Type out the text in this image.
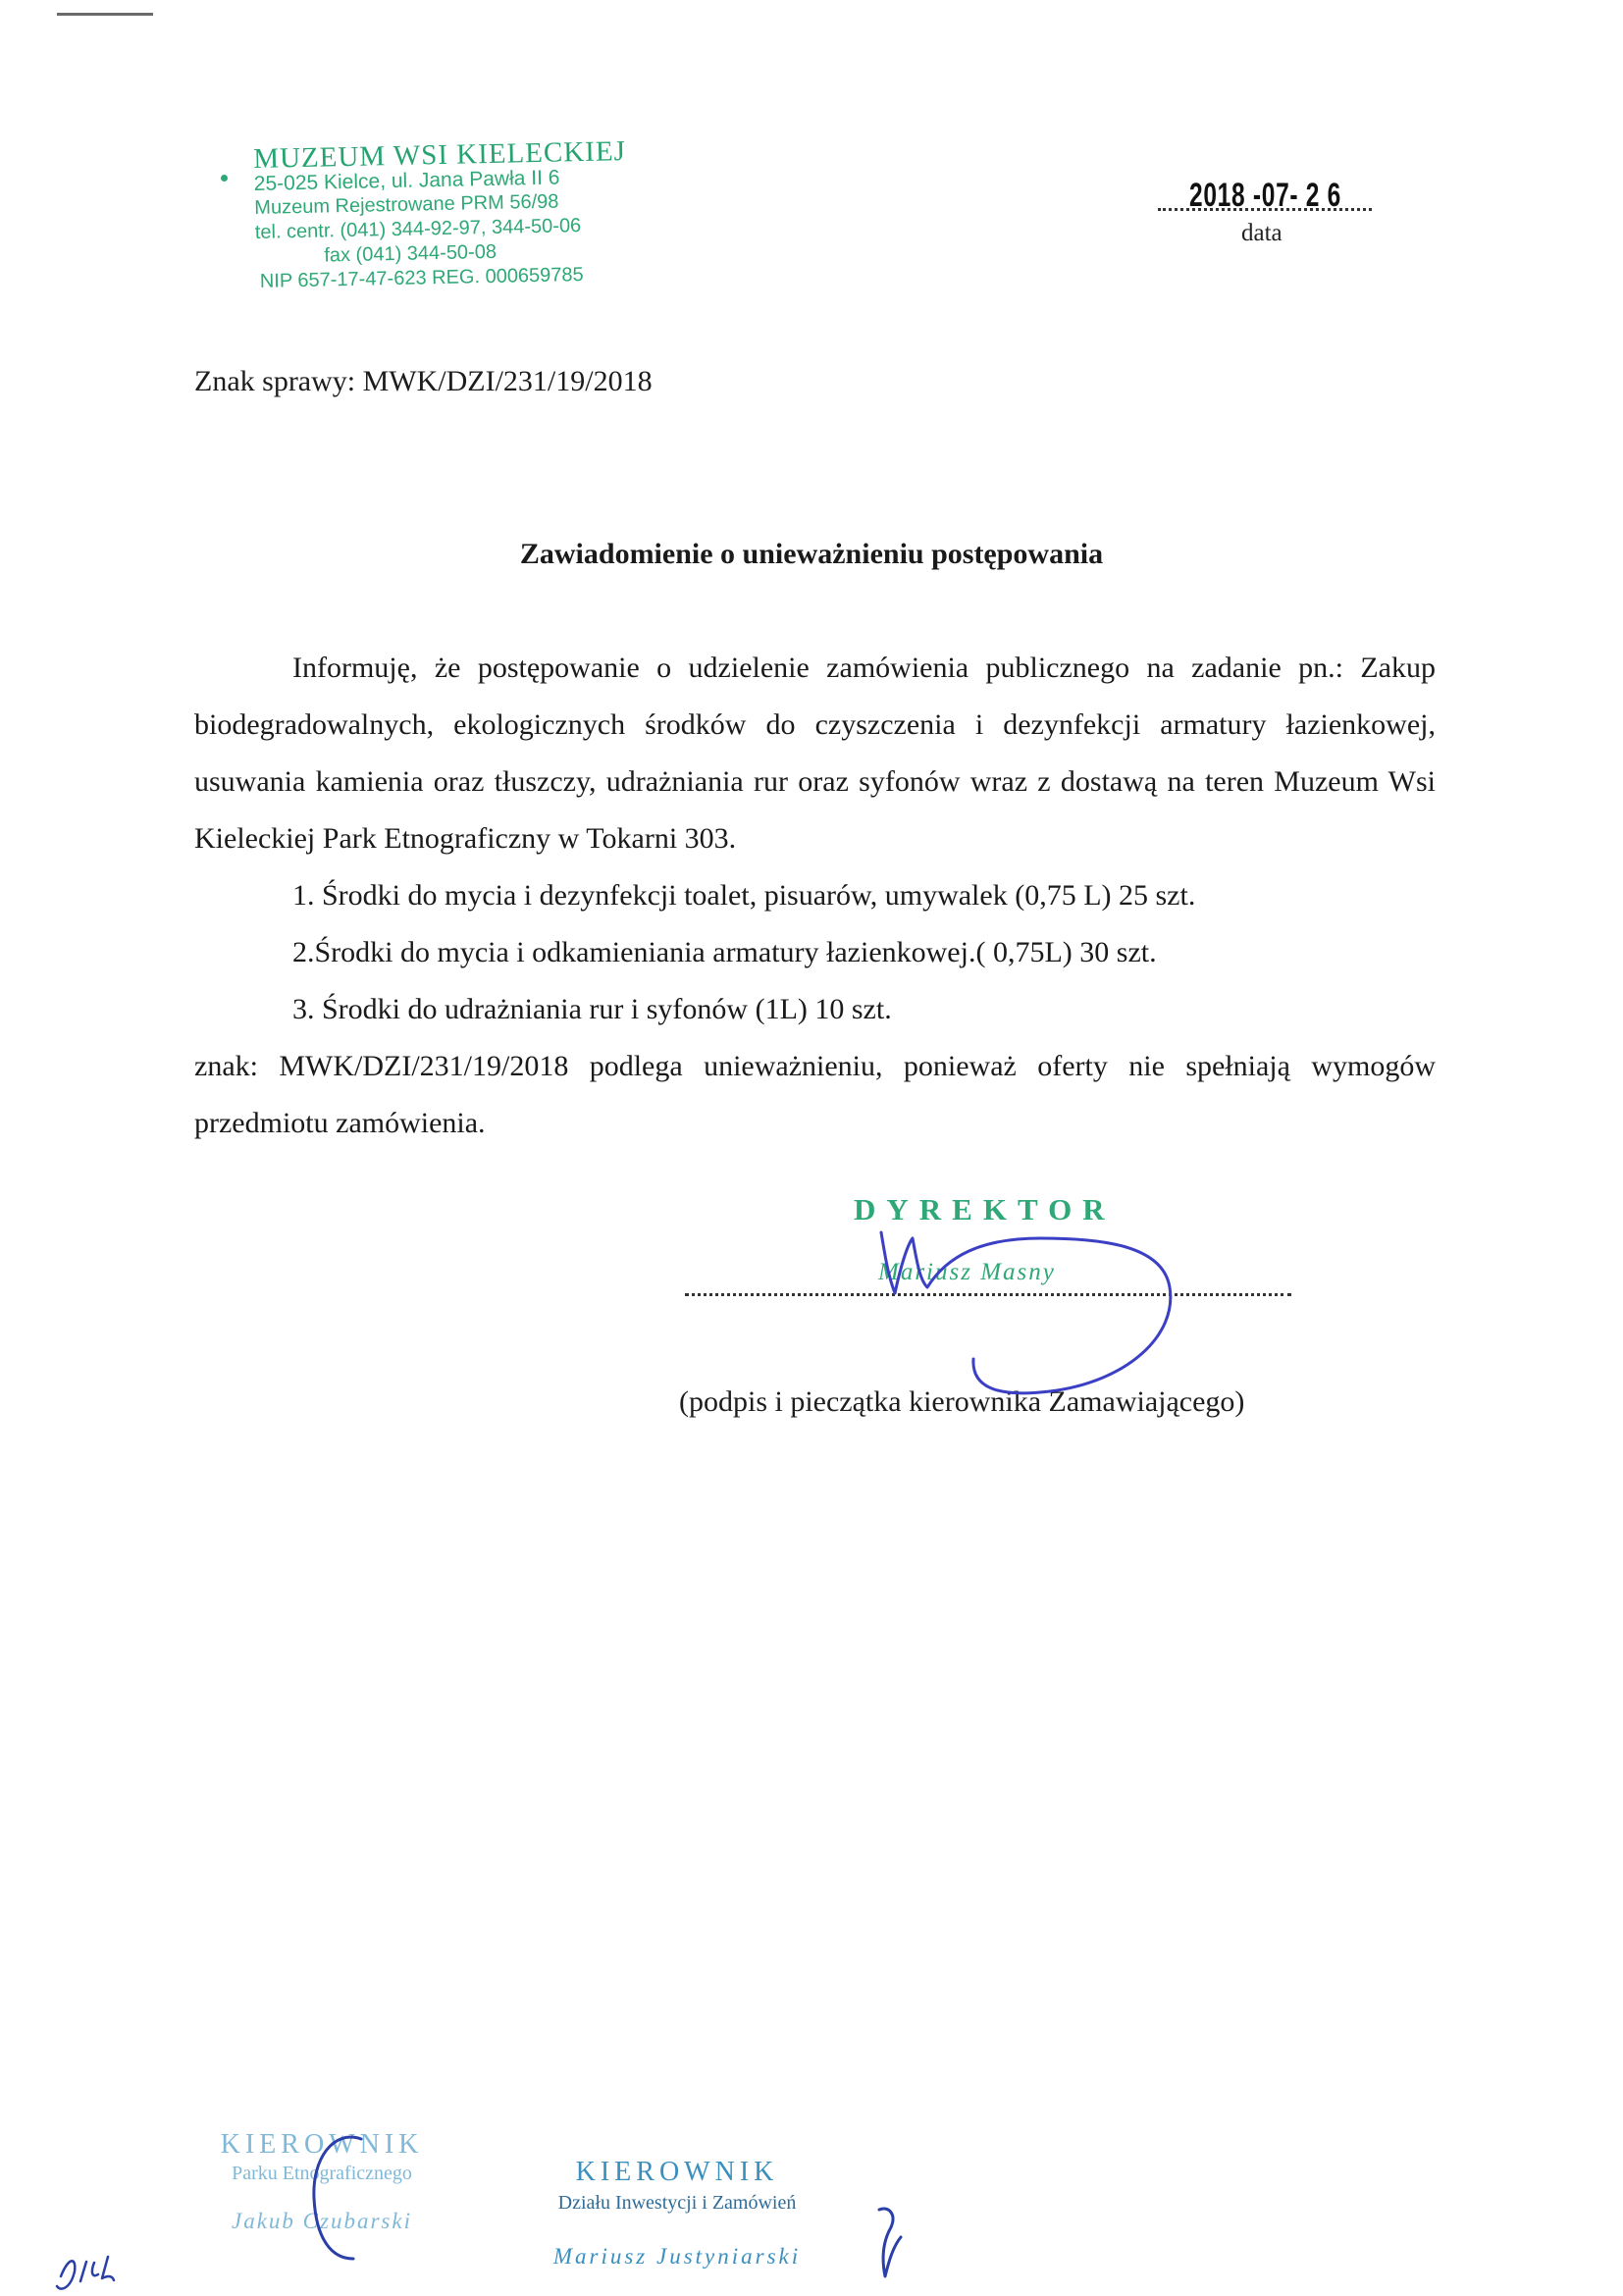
MUZEUM WSI KIELECKIEJ
25-025 Kielce, ul. Jana Pawła II 6
Muzeum Rejestrowane PRM 56/98
tel. centr. (041) 344-92-97, 344-50-06
fax (041) 344-50-08
NIP 657-17-47-623 REG. 000659785
2018 -07- 2 6
data
Znak sprawy: MWK/DZI/231/19/2018
Zawiadomienie o unieważnieniu postępowania

Informuję, że postępowanie o udzielenie zamówienia publicznego na zadanie pn.: Zakup biodegradowalnych, ekologicznych środków do czyszczenia i dezynfekcji armatury łazienkowej, usuwania kamienia oraz tłuszczy, udrażniania rur oraz syfonów wraz z dostawą na teren Muzeum Wsi Kieleckiej Park Etnograficzny w Tokarni 303.

1. Środki do mycia i dezynfekcji toalet, pisuarów, umywalek (0,75 L) 25 szt.

2.Środki do mycia i odkamieniania armatury łazienkowej.( 0,75L) 30 szt.

3. Środki do udrażniania rur i syfonów (1L) 10 szt.

znak: MWK/DZI/231/19/2018 podlega unieważnieniu, ponieważ oferty nie spełniają wymogów przedmiotu zamówienia.

DYREKTOR
Mariusz Masny
(podpis i pieczątka kierownika Zamawiającego)
KIEROWNIK
Parku Etnograficznego
Jakub Czubarski
KIEROWNIK
Działu Inwestycji i Zamówień
Mariusz Justyniarski
